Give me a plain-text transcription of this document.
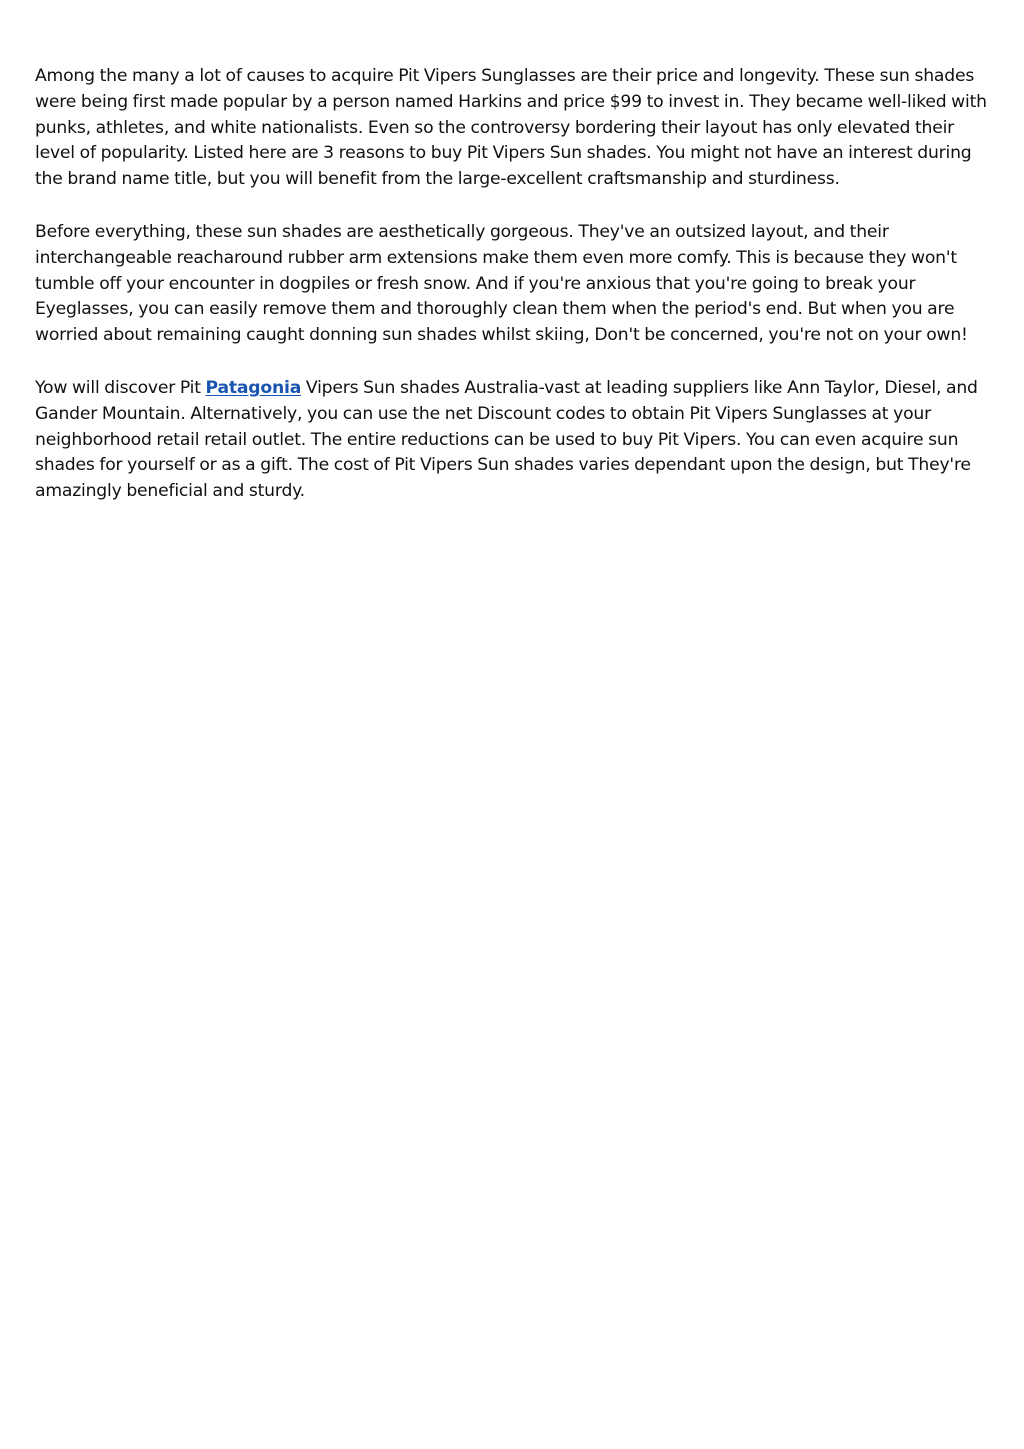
Among the many a lot of causes to acquire Pit Vipers Sunglasses are their price and longevity. These sun shades were being first made popular by a person named Harkins and price $99 to invest in. They became well-liked with punks, athletes, and white nationalists. Even so the controversy bordering their layout has only elevated their level of popularity. Listed here are 3 reasons to buy Pit Vipers Sun shades. You might not have an interest during the brand name title, but you will benefit from the large-excellent craftsmanship and sturdiness.

Before everything, these sun shades are aesthetically gorgeous. They've an outsized layout, and their interchangeable reacharound rubber arm extensions make them even more comfy. This is because they won't tumble off your encounter in dogpiles or fresh snow. And if you're anxious that you're going to break your Eyeglasses, you can easily remove them and thoroughly clean them when the period's end. But when you are worried about remaining caught donning sun shades whilst skiing, Don't be concerned, you're not on your own!

Yow will discover Pit Patagonia Vipers Sun shades Australia-vast at leading suppliers like Ann Taylor, Diesel, and Gander Mountain. Alternatively, you can use the net Discount codes to obtain Pit Vipers Sunglasses at your neighborhood retail retail outlet. The entire reductions can be used to buy Pit Vipers. You can even acquire sun shades for yourself or as a gift. The cost of Pit Vipers Sun shades varies dependant upon the design, but They're amazingly beneficial and sturdy.
